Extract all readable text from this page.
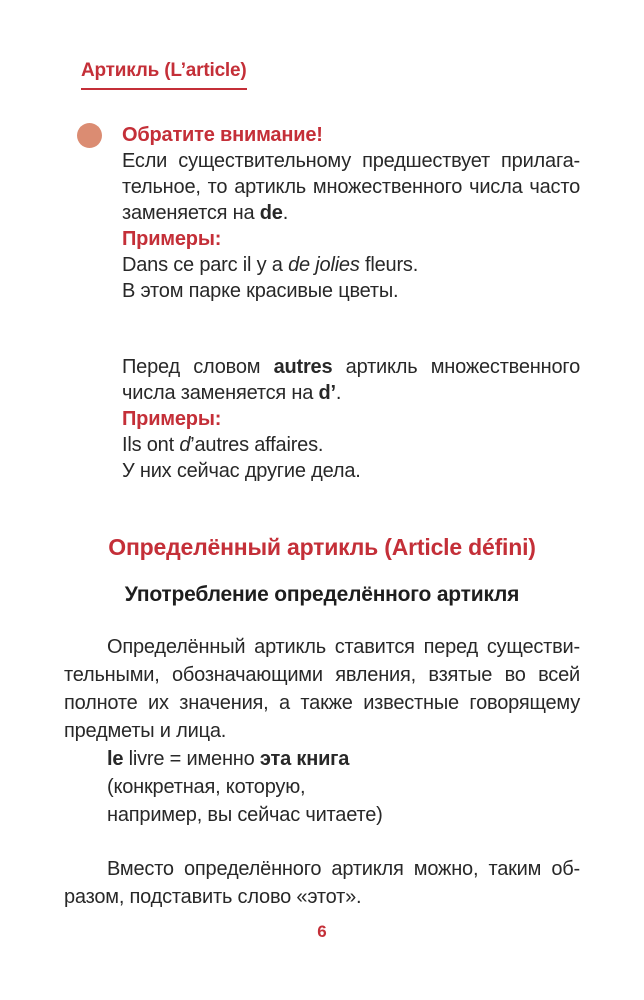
Артикль (L’article)
Обратите внимание!
Если существительному предшествует прилага-
тельное, то артикль множественного числа часто
заменяется на de.
Примеры:
Dans ce parc il y a de jolies fleurs.
В этом парке красивые цветы.
Перед словом autres артикль множественного
числа заменяется на d’.
Примеры:
Ils ont d’autres affaires.
У них сейчас другие дела.
Определённый артикль (Article défini)
Употребление определённого артикля
Определённый артикль ставится перед существи-
тельными, обозначающими явления, взятые во всей
полноте их значения, а также известные говорящему
предметы и лица.
le livre = именно эта книга
(конкретная, которую,
например, вы сейчас читаете)
Вместо определённого артикля можно, таким об-
разом, подставить слово «этот».
6
